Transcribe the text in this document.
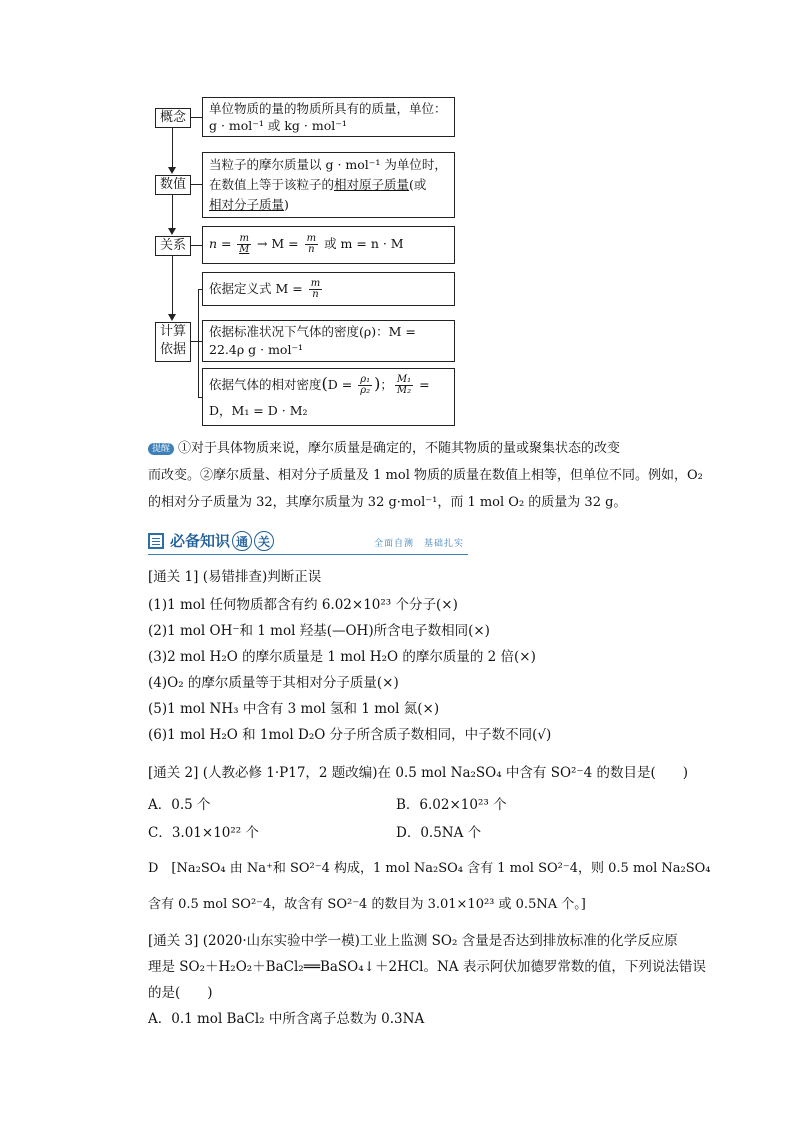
概念
数值
关系
计算
依据
单位物质的量的物质所具有的质量，单位：
g · mol⁻¹ 或 kg · mol⁻¹
当粒子的摩尔质量以 g · mol⁻¹ 为单位时，
在数值上等于该粒子的相对原子质量(或
相对分子质量)
$n = \frac{m}{M} \to M = \frac{m}{n}$ 或 m = n · M
依据定义式 $M = \frac{m}{n}$
依据标准状况下气体的密度(ρ)：M =
22.4ρ g · mol⁻¹
依据气体的相对密度($D = \frac{\text{ρ₁}}{\text{ρ₂}}$ )； $\frac{\text{M₁}}{\text{M₂}}$ =
D，M₁ = D · M₂
提醒 ①对于具体物质来说，摩尔质量是确定的，不随其物质的量或聚集状态的改变
而改变。②摩尔质量、相对分子质量及 1 mol 物质的质量在数值上相等，但单位不同。例如，O₂
的相对分子质量为 32，其摩尔质量为 32 g·mol⁻¹，而 1 mol O₂ 的质量为 32 g。
必备知识 通 关	全面自测　基础扎实
[通关 1] (易错排查)判断正误
(1)1 mol 任何物质都含有约 6.02×10²³ 个分子(×)
(2)1 mol OH⁻和 1 mol 羟基(—OH)所含电子数相同(×)
(3)2 mol H₂O 的摩尔质量是 1 mol H₂O 的摩尔质量的 2 倍(×)
(4)O₂ 的摩尔质量等于其相对分子质量(×)
(5)1 mol NH₃ 中含有 3 mol 氢和 1 mol 氮(×)
(6)1 mol H₂O 和 1mol D₂O 分子所含质子数相同，中子数不同(√)
[通关 2] (人教必修 1·P17，2 题改编)在 0.5 mol Na₂SO₄ 中含有 SO²⁻4 的数目是(　　)
A．0.5 个	B．6.02×10²³ 个
C．3.01×10²² 个	D．0.5NA 个
D　[Na₂SO₄ 由 Na⁺和 SO²⁻4 构成，1 mol Na₂SO₄ 含有 1 mol SO²⁻4，则 0.5 mol Na₂SO₄
含有 0.5 mol SO²⁻4，故含有 SO²⁻4 的数目为 3.01×10²³ 或 0.5NA 个。]
[通关 3] (2020·山东实验中学一模)工业上监测 SO₂ 含量是否达到排放标准的化学反应原
理是 SO₂＋H₂O₂＋BaCl₂══BaSO₄↓＋2HCl。NA 表示阿伏加德罗常数的值，下列说法错误
的是(　　)
A．0.1 mol BaCl₂ 中所含离子总数为 0.3NA
